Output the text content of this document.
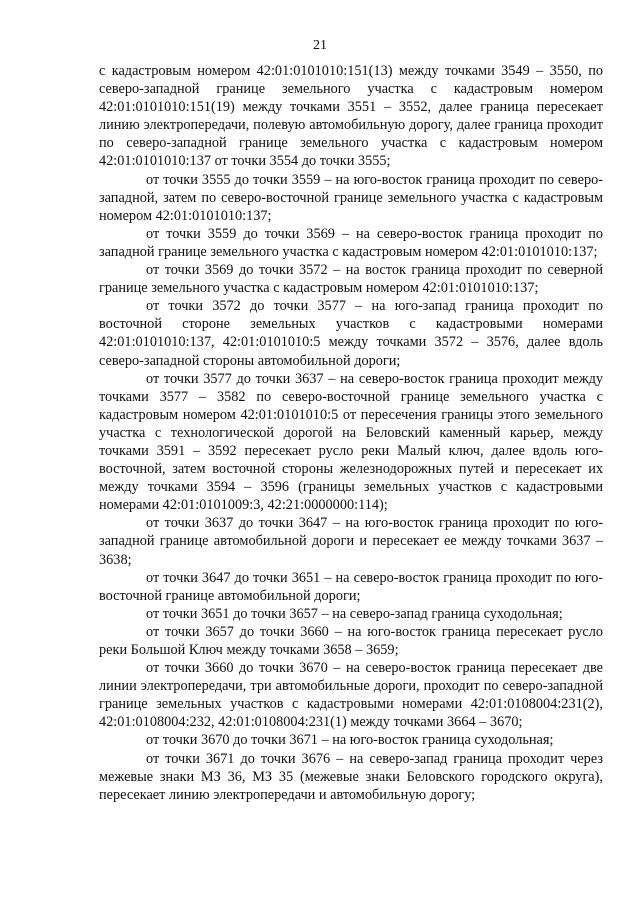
21

с кадастровым номером 42:01:0101010:151(13) между точками 3549 – 3550, по северо-западной границе земельного участка с кадастровым номером 42:01:0101010:151(19) между точками 3551 – 3552, далее граница пересекает линию электропередачи, полевую автомобильную дорогу, далее граница проходит по северо-западной границе земельного участка с кадастровым номером 42:01:0101010:137 от точки 3554 до точки 3555;

от точки 3555 до точки 3559 – на юго-восток граница проходит по северо-западной, затем по северо-восточной границе земельного участка с кадастровым номером 42:01:0101010:137;

от точки 3559 до точки 3569 – на северо-восток граница проходит по западной границе земельного участка с кадастровым номером 42:01:0101010:137;

от точки 3569 до точки 3572 – на восток граница проходит по северной границе земельного участка с кадастровым номером 42:01:0101010:137;

от точки 3572 до точки 3577 – на юго-запад граница проходит по восточной стороне земельных участков с кадастровыми номерами 42:01:0101010:137, 42:01:0101010:5 между точками 3572 – 3576, далее вдоль северо-западной стороны автомобильной дороги;

от точки 3577 до точки 3637 – на северо-восток граница проходит между точками 3577 – 3582 по северо-восточной границе земельного участка с кадастровым номером 42:01:0101010:5 от пересечения границы этого земельного участка с технологической дорогой на Беловский каменный карьер, между точками 3591 – 3592 пересекает русло реки Малый ключ, далее вдоль юго-восточной, затем восточной стороны железнодорожных путей и пересекает их между точками 3594 – 3596 (границы земельных участков с кадастровыми номерами 42:01:0101009:3, 42:21:0000000:114);

от точки 3637 до точки 3647 – на юго-восток граница проходит по юго-западной границе автомобильной дороги и пересекает ее между точками 3637 – 3638;

от точки 3647 до точки 3651 – на северо-восток граница проходит по юго-восточной границе автомобильной дороги;

от точки 3651 до точки 3657 – на северо-запад граница суходольная;

от точки 3657 до точки 3660 – на юго-восток граница пересекает русло реки Большой Ключ между точками 3658 – 3659;

от точки 3660 до точки 3670 – на северо-восток граница пересекает две линии электропередачи, три автомобильные дороги, проходит по северо-западной границе земельных участков с кадастровыми номерами 42:01:0108004:231(2), 42:01:0108004:232, 42:01:0108004:231(1) между точками 3664 – 3670;

от точки 3670 до точки 3671 – на юго-восток граница суходольная;

от точки 3671 до точки 3676 – на северо-запад граница проходит через межевые знаки МЗ 36, МЗ 35 (межевые знаки Беловского городского округа), пересекает линию электропередачи и автомобильную дорогу;
